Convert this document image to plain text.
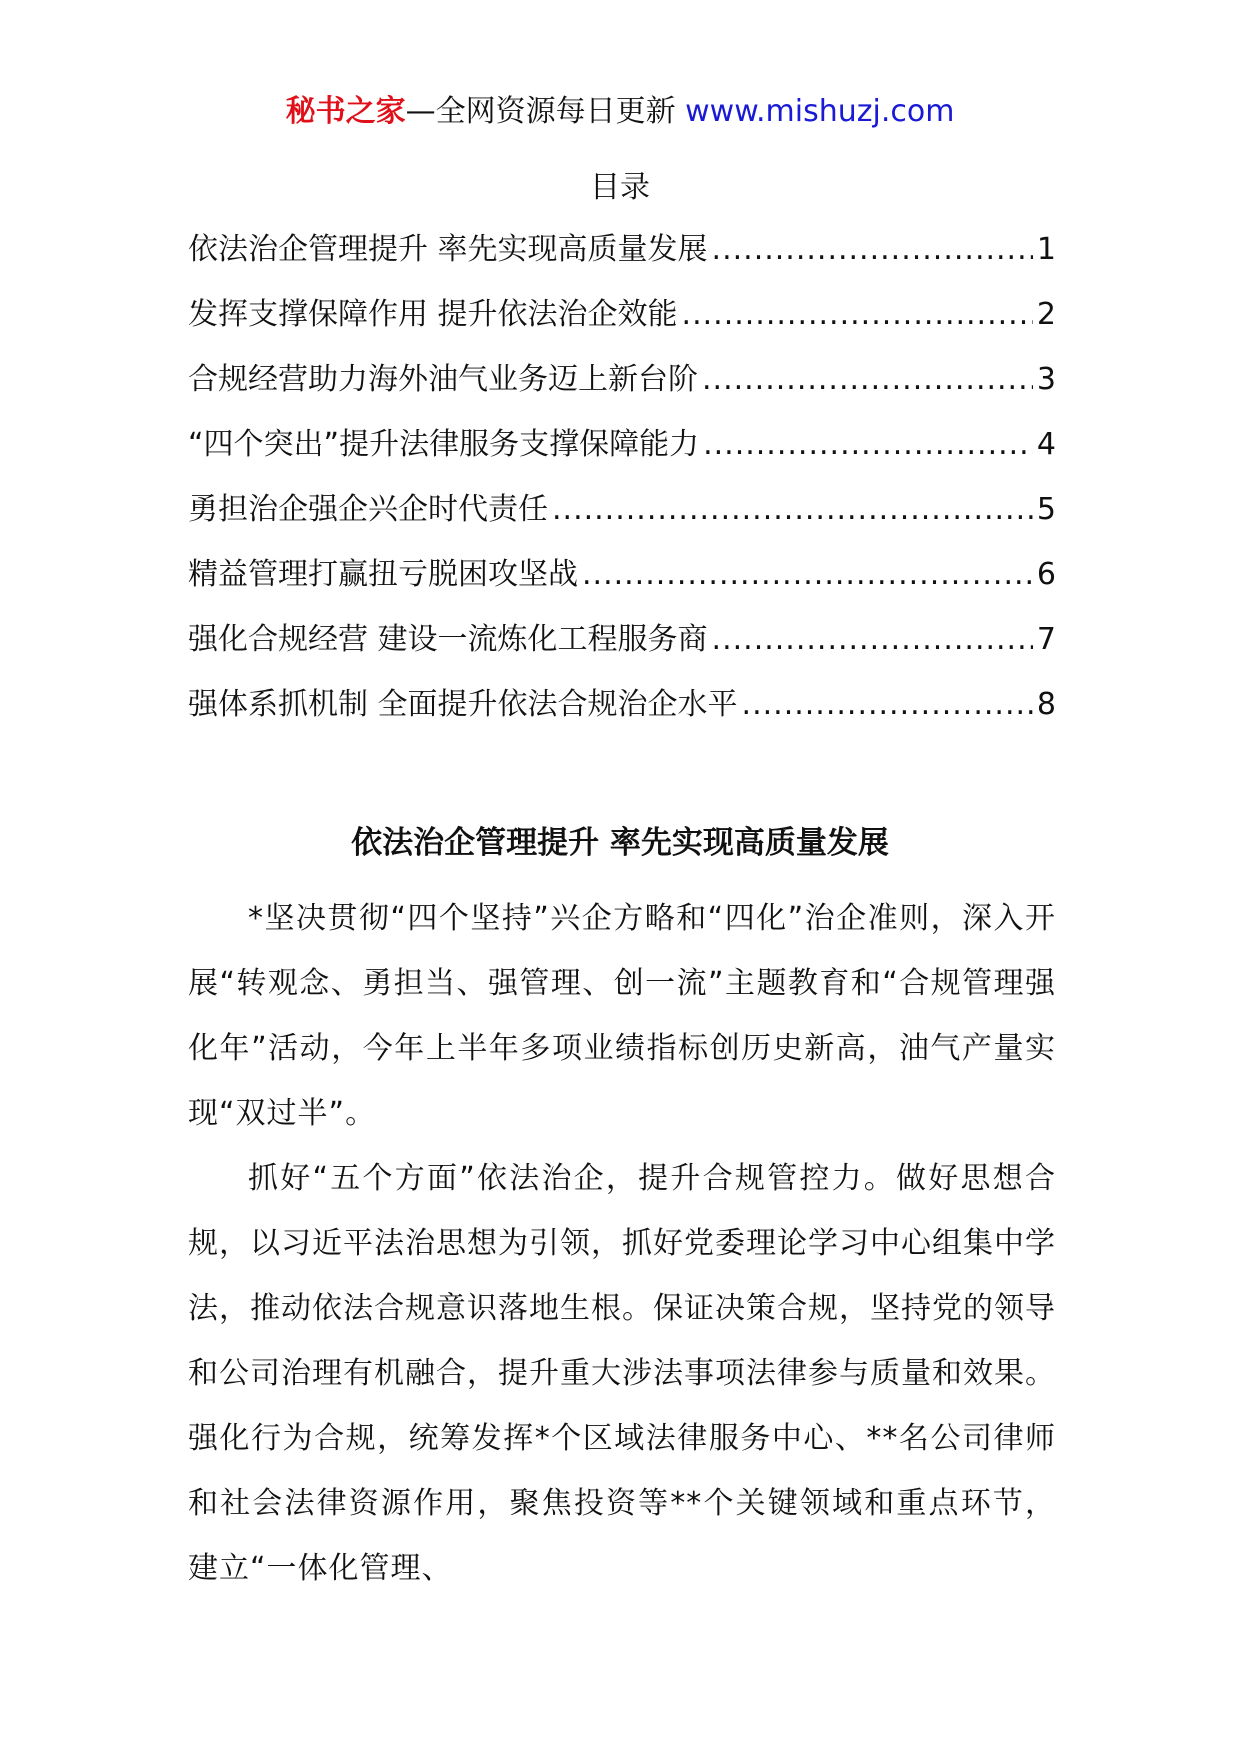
秘书之家—全网资源每日更新 www.mishuzj.com
目录
依法治企管理提升 率先实现高质量发展 .....	1
发挥支撑保障作用 提升依法治企效能 .....	2
合规经营助力海外油气业务迈上新台阶 .....	3
“四个突出”提升法律服务支撑保障能力 .....	4
勇担治企强企兴企时代责任 .....	5
精益管理打赢扭亏脱困攻坚战 .....	6
强化合规经营 建设一流炼化工程服务商 .....	7
强体系抓机制 全面提升依法合规治企水平 .....	8
依法治企管理提升 率先实现高质量发展

*坚决贯彻“四个坚持”兴企方略和“四化”治企准则，深入开展“转观念、勇担当、强管理、创一流”主题教育和“合规管理强化年”活动，今年上半年多项业绩指标创历史新高，油气产量实现“双过半”。

抓好“五个方面”依法治企，提升合规管控力。做好思想合规，以习近平法治思想为引领，抓好党委理论学习中心组集中学法，推动依法合规意识落地生根。保证决策合规，坚持党的领导和公司治理有机融合，提升重大涉法事项法律参与质量和效果。强化行为合规，统筹发挥*个区域法律服务中心、**名公司律师和社会法律资源作用，聚焦投资等**个关键领域和重点环节，建立“一体化管理、
